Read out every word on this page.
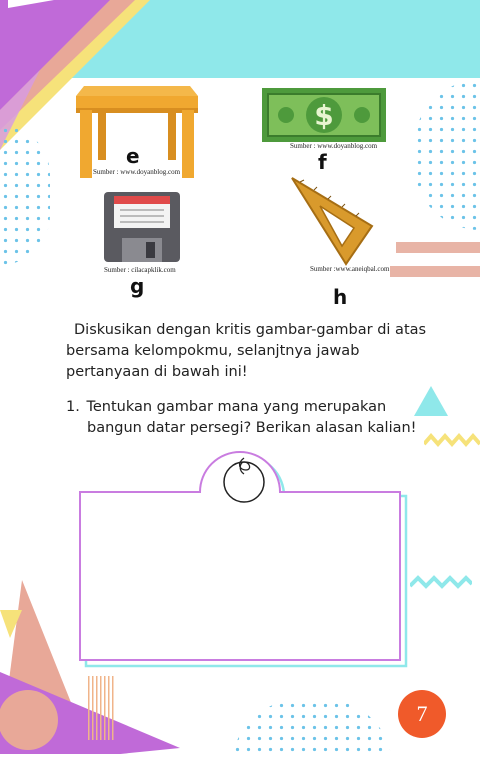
e
Sumber : www.doyanblog.com
$
Sumber : www.doyanblog.com
f
Sumber : cilacapklik.com
g
Sumber :www.aneiqbal.com
h
Diskusikan dengan kritis gambar-gambar di atas
bersama kelompokmu, selanjtnya jawab
pertanyaan di bawah ini!
1. Tentukan gambar mana yang merupakan
bangun datar persegi? Berikan alasan kalian!
7
